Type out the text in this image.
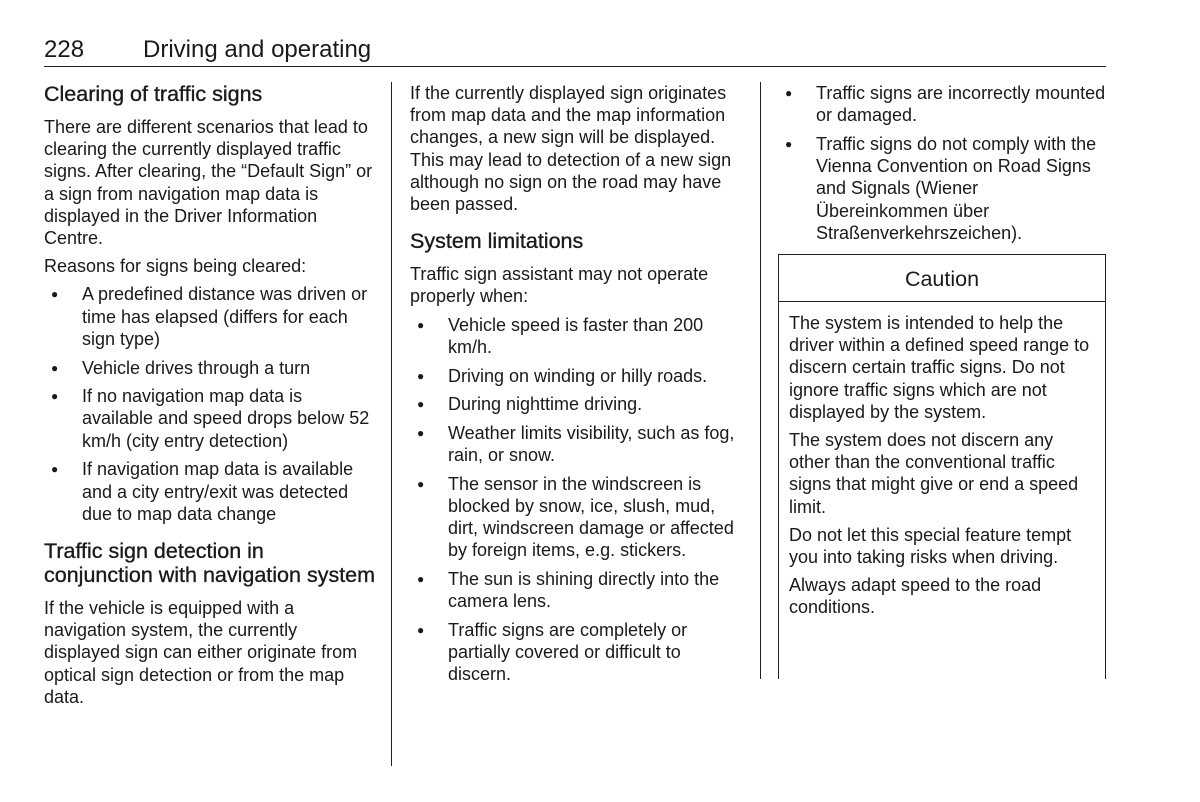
228 Driving and operating
Clearing of traffic signs

There are different scenarios that lead to clearing the currently displayed traffic signs. After clearing, the “Default Sign” or a sign from navigation map data is displayed in the Driver Information Centre.

Reasons for signs being cleared:

● A predefined distance was driven or time has elapsed (differs for each sign type)
● Vehicle drives through a turn
● If no navigation map data is available and speed drops below 52 km/h (city entry detection)
● If navigation map data is available and a city entry/exit was detected due to map data change
Traffic sign detection in conjunction with navigation system

If the vehicle is equipped with a navigation system, the currently displayed sign can either originate from optical sign detection or from the map data.

If the currently displayed sign originates from map data and the map information changes, a new sign will be displayed. This may lead to detection of a new sign although no sign on the road may have been passed.

System limitations

Traffic sign assistant may not operate properly when:

● Vehicle speed is faster than 200 km/h.
● Driving on winding or hilly roads.
● During nighttime driving.
● Weather limits visibility, such as fog, rain, or snow.
● The sensor in the windscreen is blocked by snow, ice, slush, mud, dirt, windscreen damage or affected by foreign items, e.g. stickers.
● The sun is shining directly into the camera lens.
● Traffic signs are completely or partially covered or difficult to discern.
● Traffic signs are incorrectly mounted or damaged.
● Traffic signs do not comply with the Vienna Convention on Road Signs and Signals (Wiener Übereinkommen über Straßenverkehrszeichen).
Caution

The system is intended to help the driver within a defined speed range to discern certain traffic signs. Do not ignore traffic signs which are not displayed by the system.

The system does not discern any other than the conventional traffic signs that might give or end a speed limit.

Do not let this special feature tempt you into taking risks when driving.

Always adapt speed to the road conditions.
